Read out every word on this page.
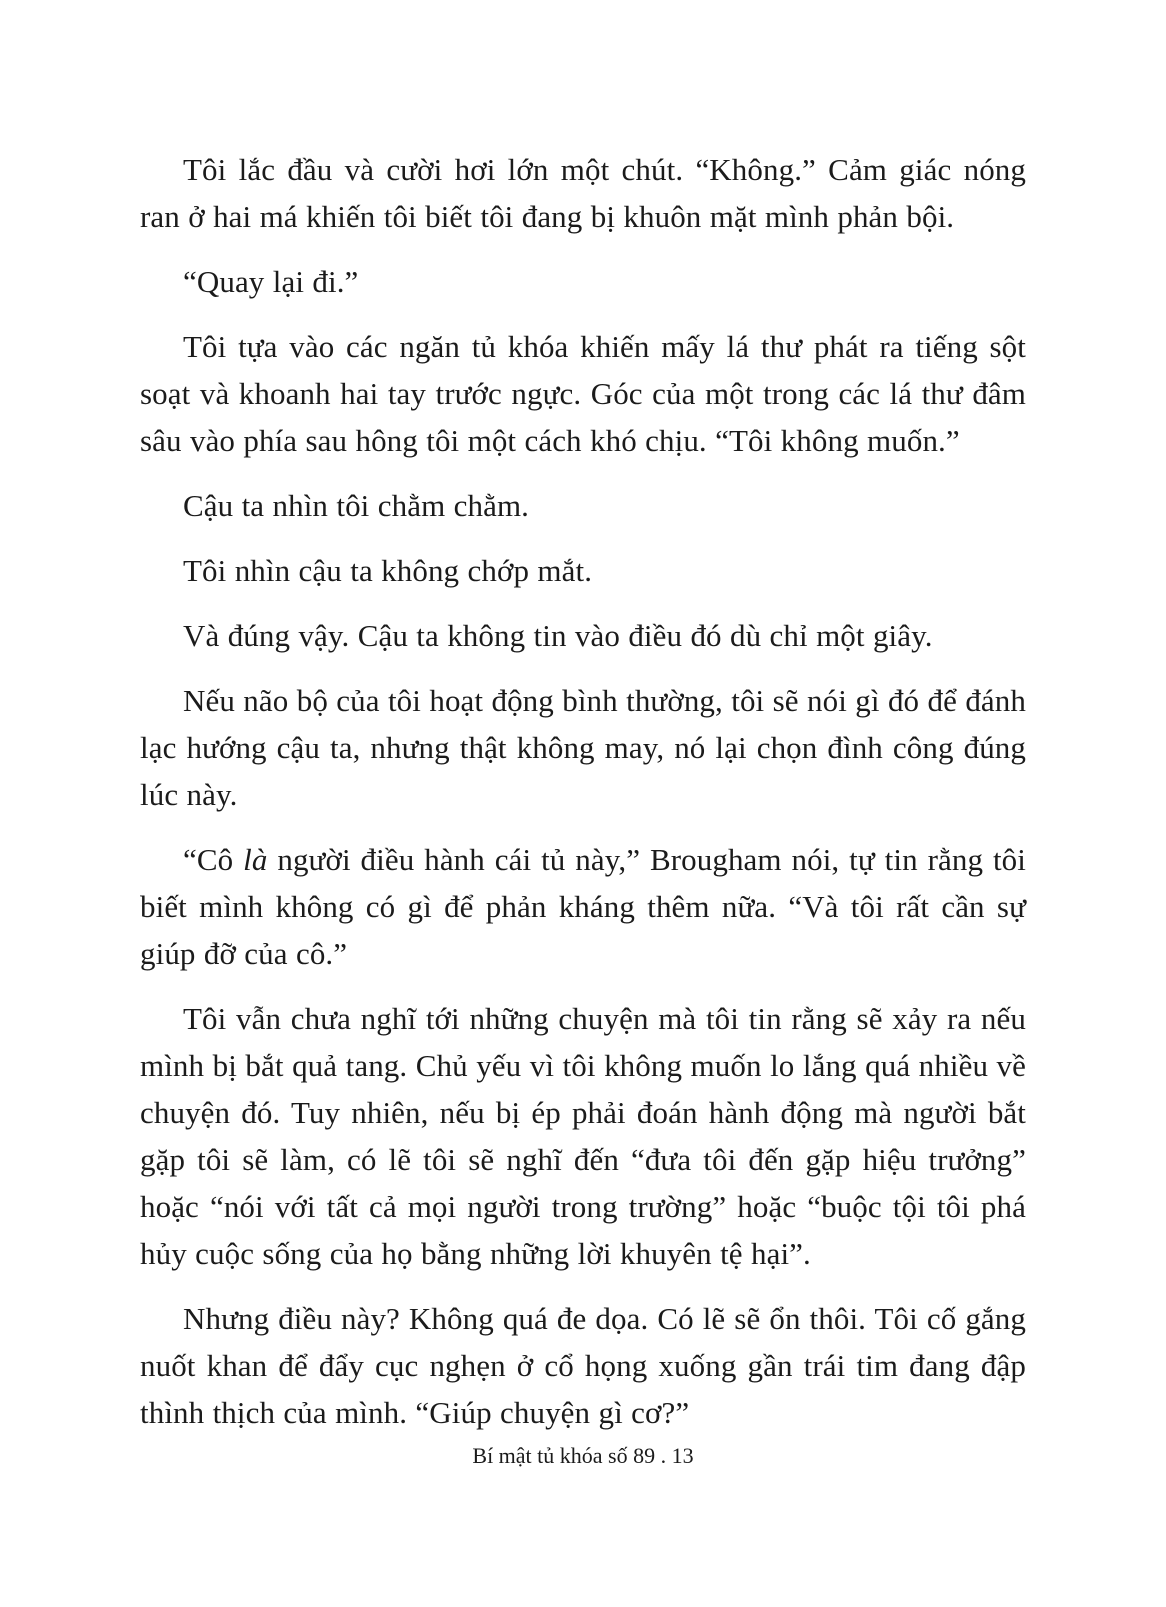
Tôi lắc đầu và cười hơi lớn một chút. “Không.” Cảm giác nóng ran ở hai má khiến tôi biết tôi đang bị khuôn mặt mình phản bội.

“Quay lại đi.”

Tôi tựa vào các ngăn tủ khóa khiến mấy lá thư phát ra tiếng sột soạt và khoanh hai tay trước ngực. Góc của một trong các lá thư đâm sâu vào phía sau hông tôi một cách khó chịu. “Tôi không muốn.”

Cậu ta nhìn tôi chằm chằm.

Tôi nhìn cậu ta không chớp mắt.

Và đúng vậy. Cậu ta không tin vào điều đó dù chỉ một giây.

Nếu não bộ của tôi hoạt động bình thường, tôi sẽ nói gì đó để đánh lạc hướng cậu ta, nhưng thật không may, nó lại chọn đình công đúng lúc này.

“Cô là người điều hành cái tủ này,” Brougham nói, tự tin rằng tôi biết mình không có gì để phản kháng thêm nữa. “Và tôi rất cần sự giúp đỡ của cô.”

Tôi vẫn chưa nghĩ tới những chuyện mà tôi tin rằng sẽ xảy ra nếu mình bị bắt quả tang. Chủ yếu vì tôi không muốn lo lắng quá nhiều về chuyện đó. Tuy nhiên, nếu bị ép phải đoán hành động mà người bắt gặp tôi sẽ làm, có lẽ tôi sẽ nghĩ đến “đưa tôi đến gặp hiệu trưởng” hoặc “nói với tất cả mọi người trong trường” hoặc “buộc tội tôi phá hủy cuộc sống của họ bằng những lời khuyên tệ hại”.

Nhưng điều này? Không quá đe dọa. Có lẽ sẽ ổn thôi. Tôi cố gắng nuốt khan để đẩy cục nghẹn ở cổ họng xuống gần trái tim đang đập thình thịch của mình. “Giúp chuyện gì cơ?”

Bí mật tủ khóa số 89 . 13
